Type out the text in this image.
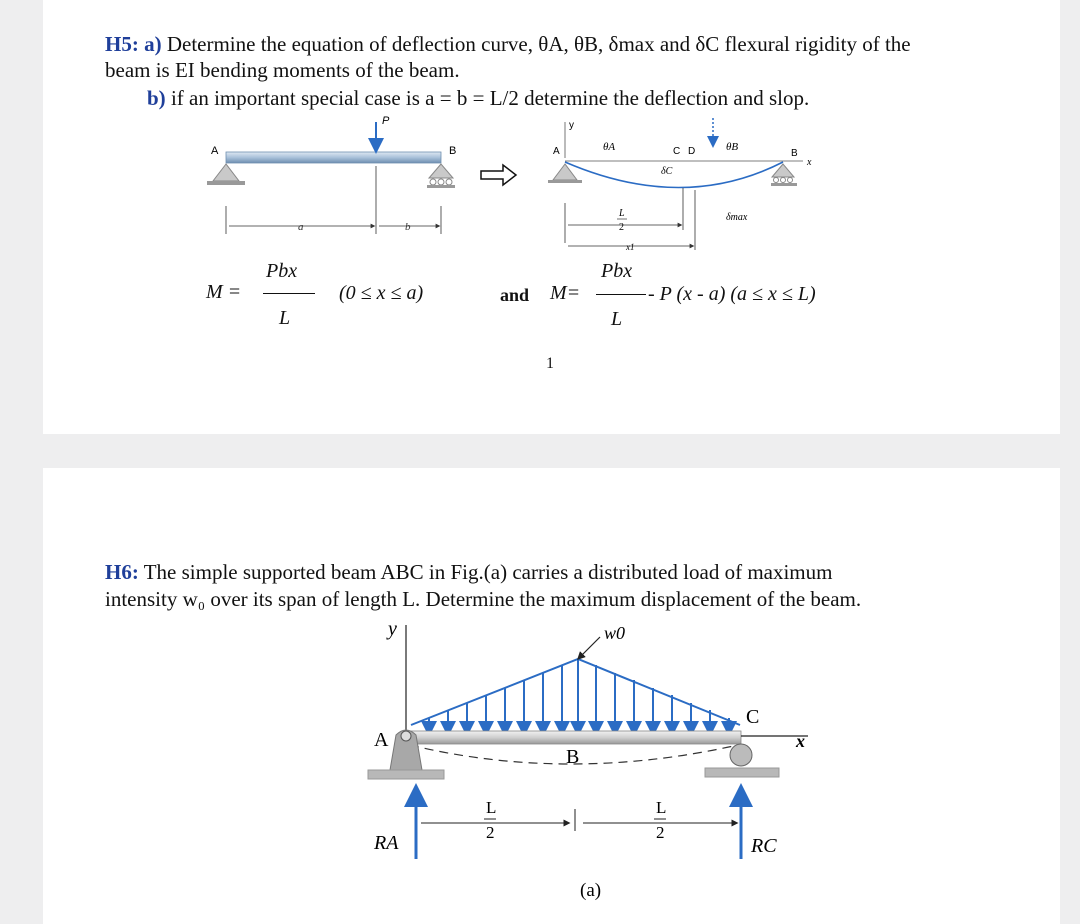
H5: a) Determine the equation of deflection curve, θA, θB, δmax and δC flexural rigidity of the
beam is EI bending moments of the beam.
b) if an important special case is a = b = L/2 determine the deflection and slop.
P
A	B
a	b
y
A
x
θA	C D	θB
B
δC
δmax
L
2
x1
M =
Pbx
L
(0 ≤ x ≤ a)	and M=
Pbx
L
- P (x - a) (a ≤ x ≤ L)
1
H6: The simple supported beam ABC in Fig.(a) carries a distributed load of maximum
intensity w₀ over its span of length L. Determine the maximum displacement of the beam.
y	w0
x
A
C
B
RA	RC
L
2
L
2
(a)
